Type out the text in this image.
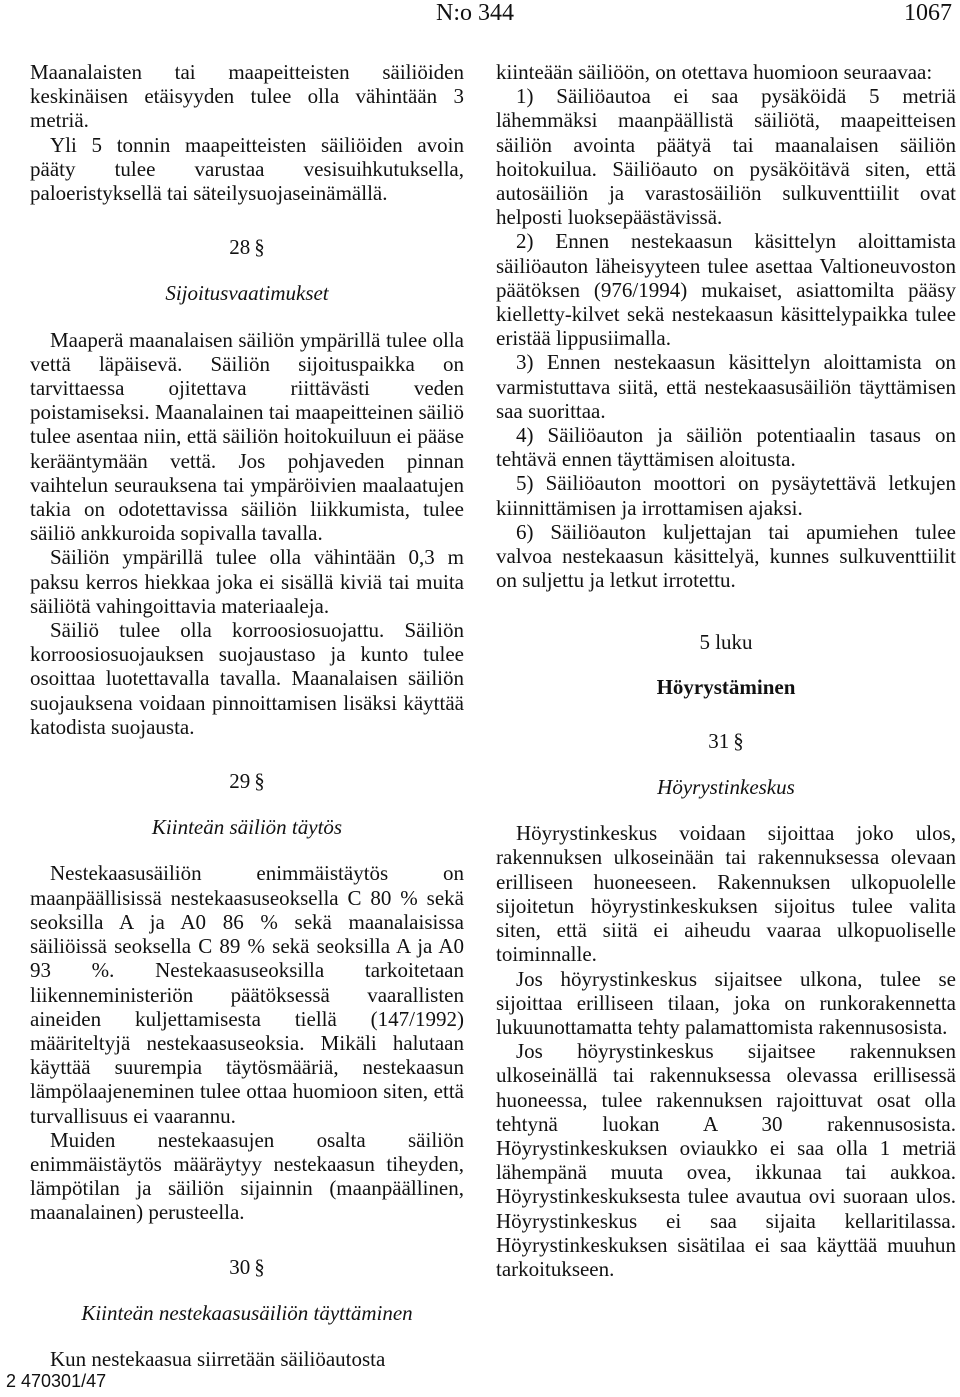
N:o 344	1067

Maanalaisten tai maapeitteisten säiliöiden keskinäisen etäisyyden tulee olla vähintään 3 metriä.

Yli 5 tonnin maapeitteisten säiliöiden avoin pääty tulee varustaa vesisuihkutuksella, paloeristyksellä tai säteilysuojaseinämällä.

28 §
Sijoitusvaatimukset

Maaperä maanalaisen säiliön ympärillä tulee olla vettä läpäisevä. Säiliön sijoituspaikka on tarvittaessa ojitettava riittävästi veden poistamiseksi. Maanalainen tai maapeitteinen säiliö tulee asentaa niin, että säiliön hoitokuiluun ei pääse kerääntymään vettä. Jos pohjaveden pinnan vaihtelun seurauksena tai ympäröivien maalaatujen takia on odotettavissa säiliön liikkumista, tulee säiliö ankkuroida sopivalla tavalla.

Säiliön ympärillä tulee olla vähintään 0,3 m paksu kerros hiekkaa joka ei sisällä kiviä tai muita säiliötä vahingoittavia materiaaleja.

Säiliö tulee olla korroosiosuojattu. Säiliön korroosiosuojauksen suojaustaso ja kunto tulee osoittaa luotettavalla tavalla. Maanalaisen säiliön suojauksena voidaan pinnoittamisen lisäksi käyttää katodista suojausta.

29 §
Kiinteän säiliön täytös

Nestekaasusäiliön enimmäistäytös on maanpäällisissä nestekaasuseoksella C 80 % sekä seoksilla A ja A0 86 % sekä maanalaisissa säiliöissä seoksella C 89 % sekä seoksilla A ja A0 93 %. Nestekaasuseoksilla tarkoitetaan liikenneministeriön päätöksessä vaarallisten aineiden kuljettamisesta tiellä (147/1992) määriteltyjä nestekaasuseoksia. Mikäli halutaan käyttää suurempia täytösmääriä, nestekaasun lämpölaajeneminen tulee ottaa huomioon siten, että turvallisuus ei vaarannu.

Muiden nestekaasujen osalta säiliön enimmäistäytös määräytyy nestekaasun tiheyden, lämpötilan ja säiliön sijainnin (maanpäällinen, maanalainen) perusteella.

30 §
Kiinteän nestekaasusäiliön täyttäminen

Kun nestekaasua siirretään säiliöautosta

kiinteään säiliöön, on otettava huomioon seuraavaa:

1) Säiliöautoa ei saa pysäköidä 5 metriä lähemmäksi maanpäällistä säiliötä, maapeitteisen säiliön avointa päätyä tai maanalaisen säiliön hoitokuilua. Säiliöauto on pysäköitävä siten, että autosäiliön ja varastosäiliön sulkuventtiilit ovat helposti luoksepäästävissä.

2) Ennen nestekaasun käsittelyn aloittamista säiliöauton läheisyyteen tulee asettaa Valtioneuvoston päätöksen (976/1994) mukaiset, asiattomilta pääsy kielletty-kilvet sekä nestekaasun käsittelypaikka tulee eristää lippusiimalla.

3) Ennen nestekaasun käsittelyn aloittamista on varmistuttava siitä, että nestekaasusäiliön täyttämisen saa suorittaa.

4) Säiliöauton ja säiliön potentiaalin tasaus on tehtävä ennen täyttämisen aloitusta.

5) Säiliöauton moottori on pysäytettävä letkujen kiinnittämisen ja irrottamisen ajaksi.

6) Säiliöauton kuljettajan tai apumiehen tulee valvoa nestekaasun käsittelyä, kunnes sulkuventtiilit on suljettu ja letkut irrotettu.

5 luku
Höyrystäminen
31 §
Höyrystinkeskus

Höyrystinkeskus voidaan sijoittaa joko ulos, rakennuksen ulkoseinään tai rakennuksessa olevaan erilliseen huoneeseen. Rakennuksen ulkopuolelle sijoitetun höyrystinkeskuksen sijoitus tulee valita siten, että siitä ei aiheudu vaaraa ulkopuoliselle toiminnalle.

Jos höyrystinkeskus sijaitsee ulkona, tulee se sijoittaa erilliseen tilaan, joka on runkorakennetta lukuunottamatta tehty palamattomista rakennusosista.

Jos höyrystinkeskus sijaitsee rakennuksen ulkoseinällä tai rakennuksessa olevassa erillisessä huoneessa, tulee rakennuksen rajoittuvat osat olla tehtynä luokan A 30 rakennusosista. Höyrystinkeskuksen oviaukko ei saa olla 1 metriä lähempänä muuta ovea, ikkunaa tai aukkoa. Höyrystinkeskuksesta tulee avautua ovi suoraan ulos. Höyrystinkeskus ei saa sijaita kellaritilassa. Höyrystinkeskuksen sisätilaa ei saa käyttää muuhun tarkoitukseen.

2 470301/47
